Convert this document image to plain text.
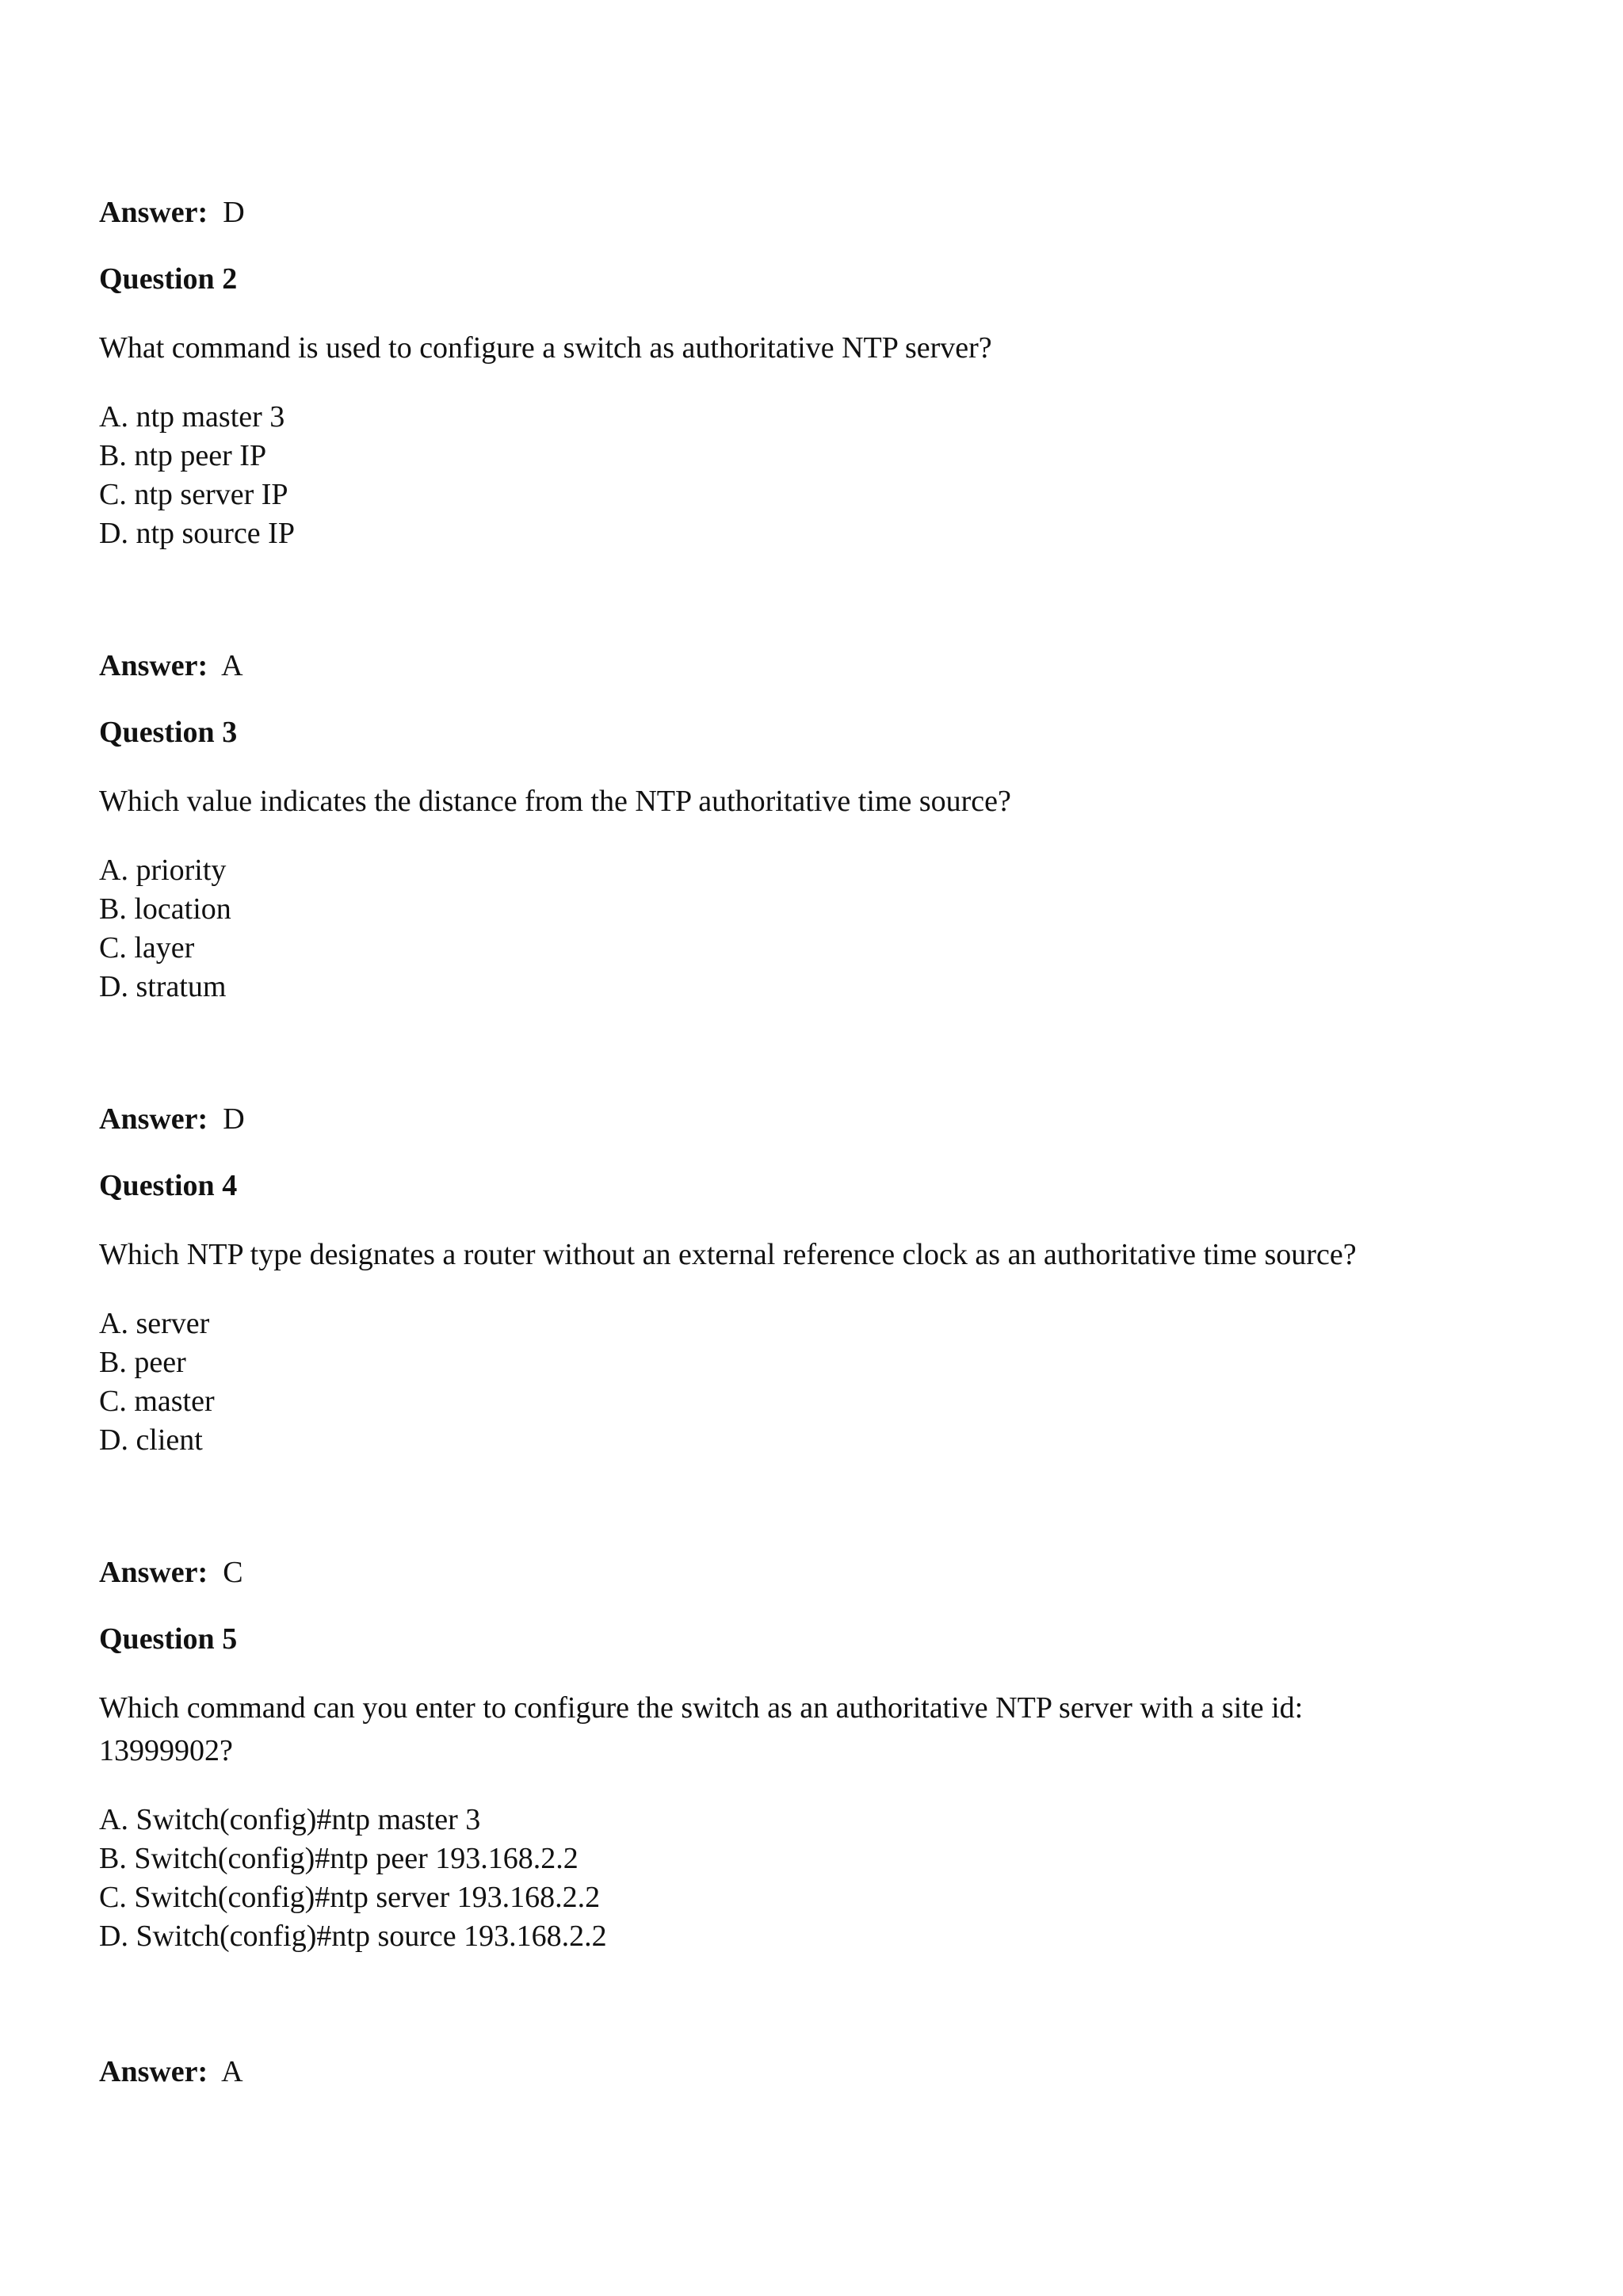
Answer: D
Question 2
What command is used to configure a switch as authoritative NTP server?
A. ntp master 3
B. ntp peer IP
C. ntp server IP
D. ntp source IP
Answer: A
Question 3
Which value indicates the distance from the NTP authoritative time source?
A. priority
B. location
C. layer
D. stratum
Answer: D
Question 4
Which NTP type designates a router without an external reference clock as an authoritative time source?
A. server
B. peer
C. master
D. client
Answer: C
Question 5
Which command can you enter to configure the switch as an authoritative NTP server with a site id:
13999902?
A. Switch(config)#ntp master 3
B. Switch(config)#ntp peer 193.168.2.2
C. Switch(config)#ntp server 193.168.2.2
D. Switch(config)#ntp source 193.168.2.2
Answer: A
